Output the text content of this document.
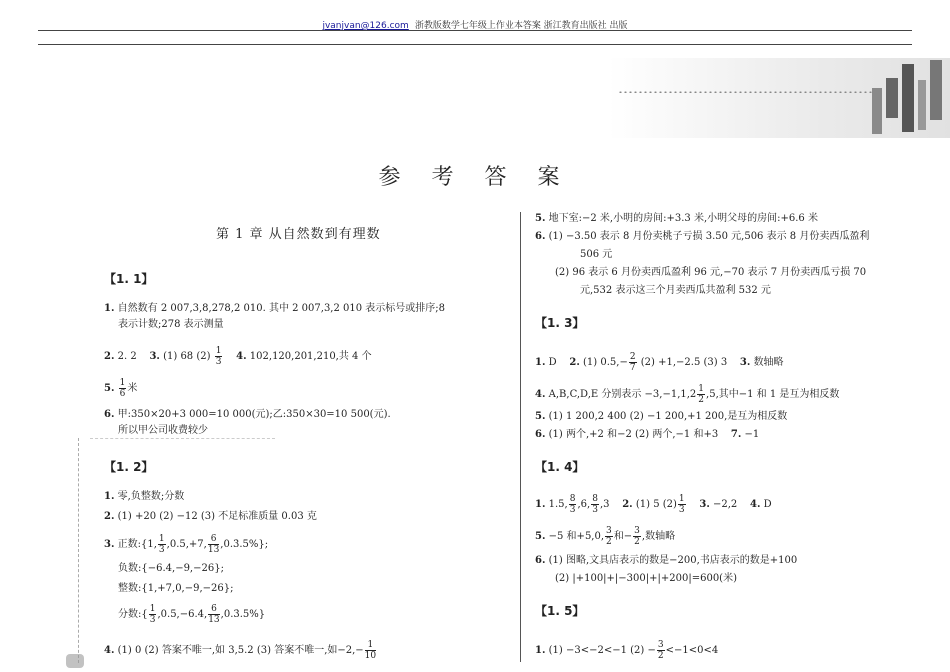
jvanjvan@126.com 浙教版数学七年级上作业本答案 浙江教育出版社 出版
参 考 答 案
第 1 章 从自然数到有理数
【1. 1】
1. 自然数有 2 007,3,8,278,2 010. 其中 2 007,3,2 010 表示标号或排序;8
表示计数;278 表示测量
2. 2. 2 3. (1) 68 $(2) \frac{1}{3} 4$. 102,120,201,210,共 4 个
5. $\frac{1}{6}$ 米
6. 甲:350×20+3 000=10 000(元);乙:350×30=10 500(元).
所以甲公司收费较少
【1. 2】
1. 零,负整数;分数
2. (1) +20 (2) −12 (3) 不足标准质量 0.03 克
3. 正数:{1, $\frac{1}{3} ,0.5,+7$, $\frac{6}{13}$ ,0.3̇.5%};
负数:{−6.4,−9,−26};
整数:{1,+7,0,−9,−26};
分数:{ $\frac{1}{3} ,0.5,-6.4$, $\frac{6}{13}$ ,0.3̇.5%}
4. (1) 0 (2) 答案不唯一,如 3,5.2 (3) 答案不唯一,如$-2,- \frac{1}{10}$
5. 地下室:−2 米,小明的房间:+3.3 米,小明父母的房间:+6.6 米
6. (1) −3.50 表示 8 月份卖桃子亏损 3.50 元,506 表示 8 月份卖西瓜盈利
506 元
(2) 96 表示 6 月份卖西瓜盈利 96 元,−70 表示 7 月份卖西瓜亏损 70
元,532 表示这三个月卖西瓜共盈利 532 元
【1. 3】
1. D 2. (1) $0.5,- \frac{2}{7} (2) +1,-2.5$ (3) 3 3. 数轴略
4. A,B,C,D,E 分别表示 $-3,-1,1,2 \frac{1}{2} ,5$,其中−1 和 1 是互为相反数
5. (1) 1 200,2 400 (2) −1 200,+1 200,是互为相反数
6. (1) 两个,+2 和−2 (2) 两个,−1 和+3 7. −1
【1. 4】
1. 1.5, $\frac{8}{3} ,6$, $\frac{8}{3} ,3$ 2. (1) 5 $(2) \frac{1}{3} 3$. −2,2 4. D
5. −5 和+5,0, $\frac{3}{2}$ 和− $\frac{3}{2}$ ,数轴略
6. (1) 图略,文具店表示的数是−200,书店表示的数是+100
(2) |+100|+|−300|+|+200|=600(米)
【1. 5】
1. (1) −3<−2<−1 $(2) - \frac{3}{2} <-1<0<4$
